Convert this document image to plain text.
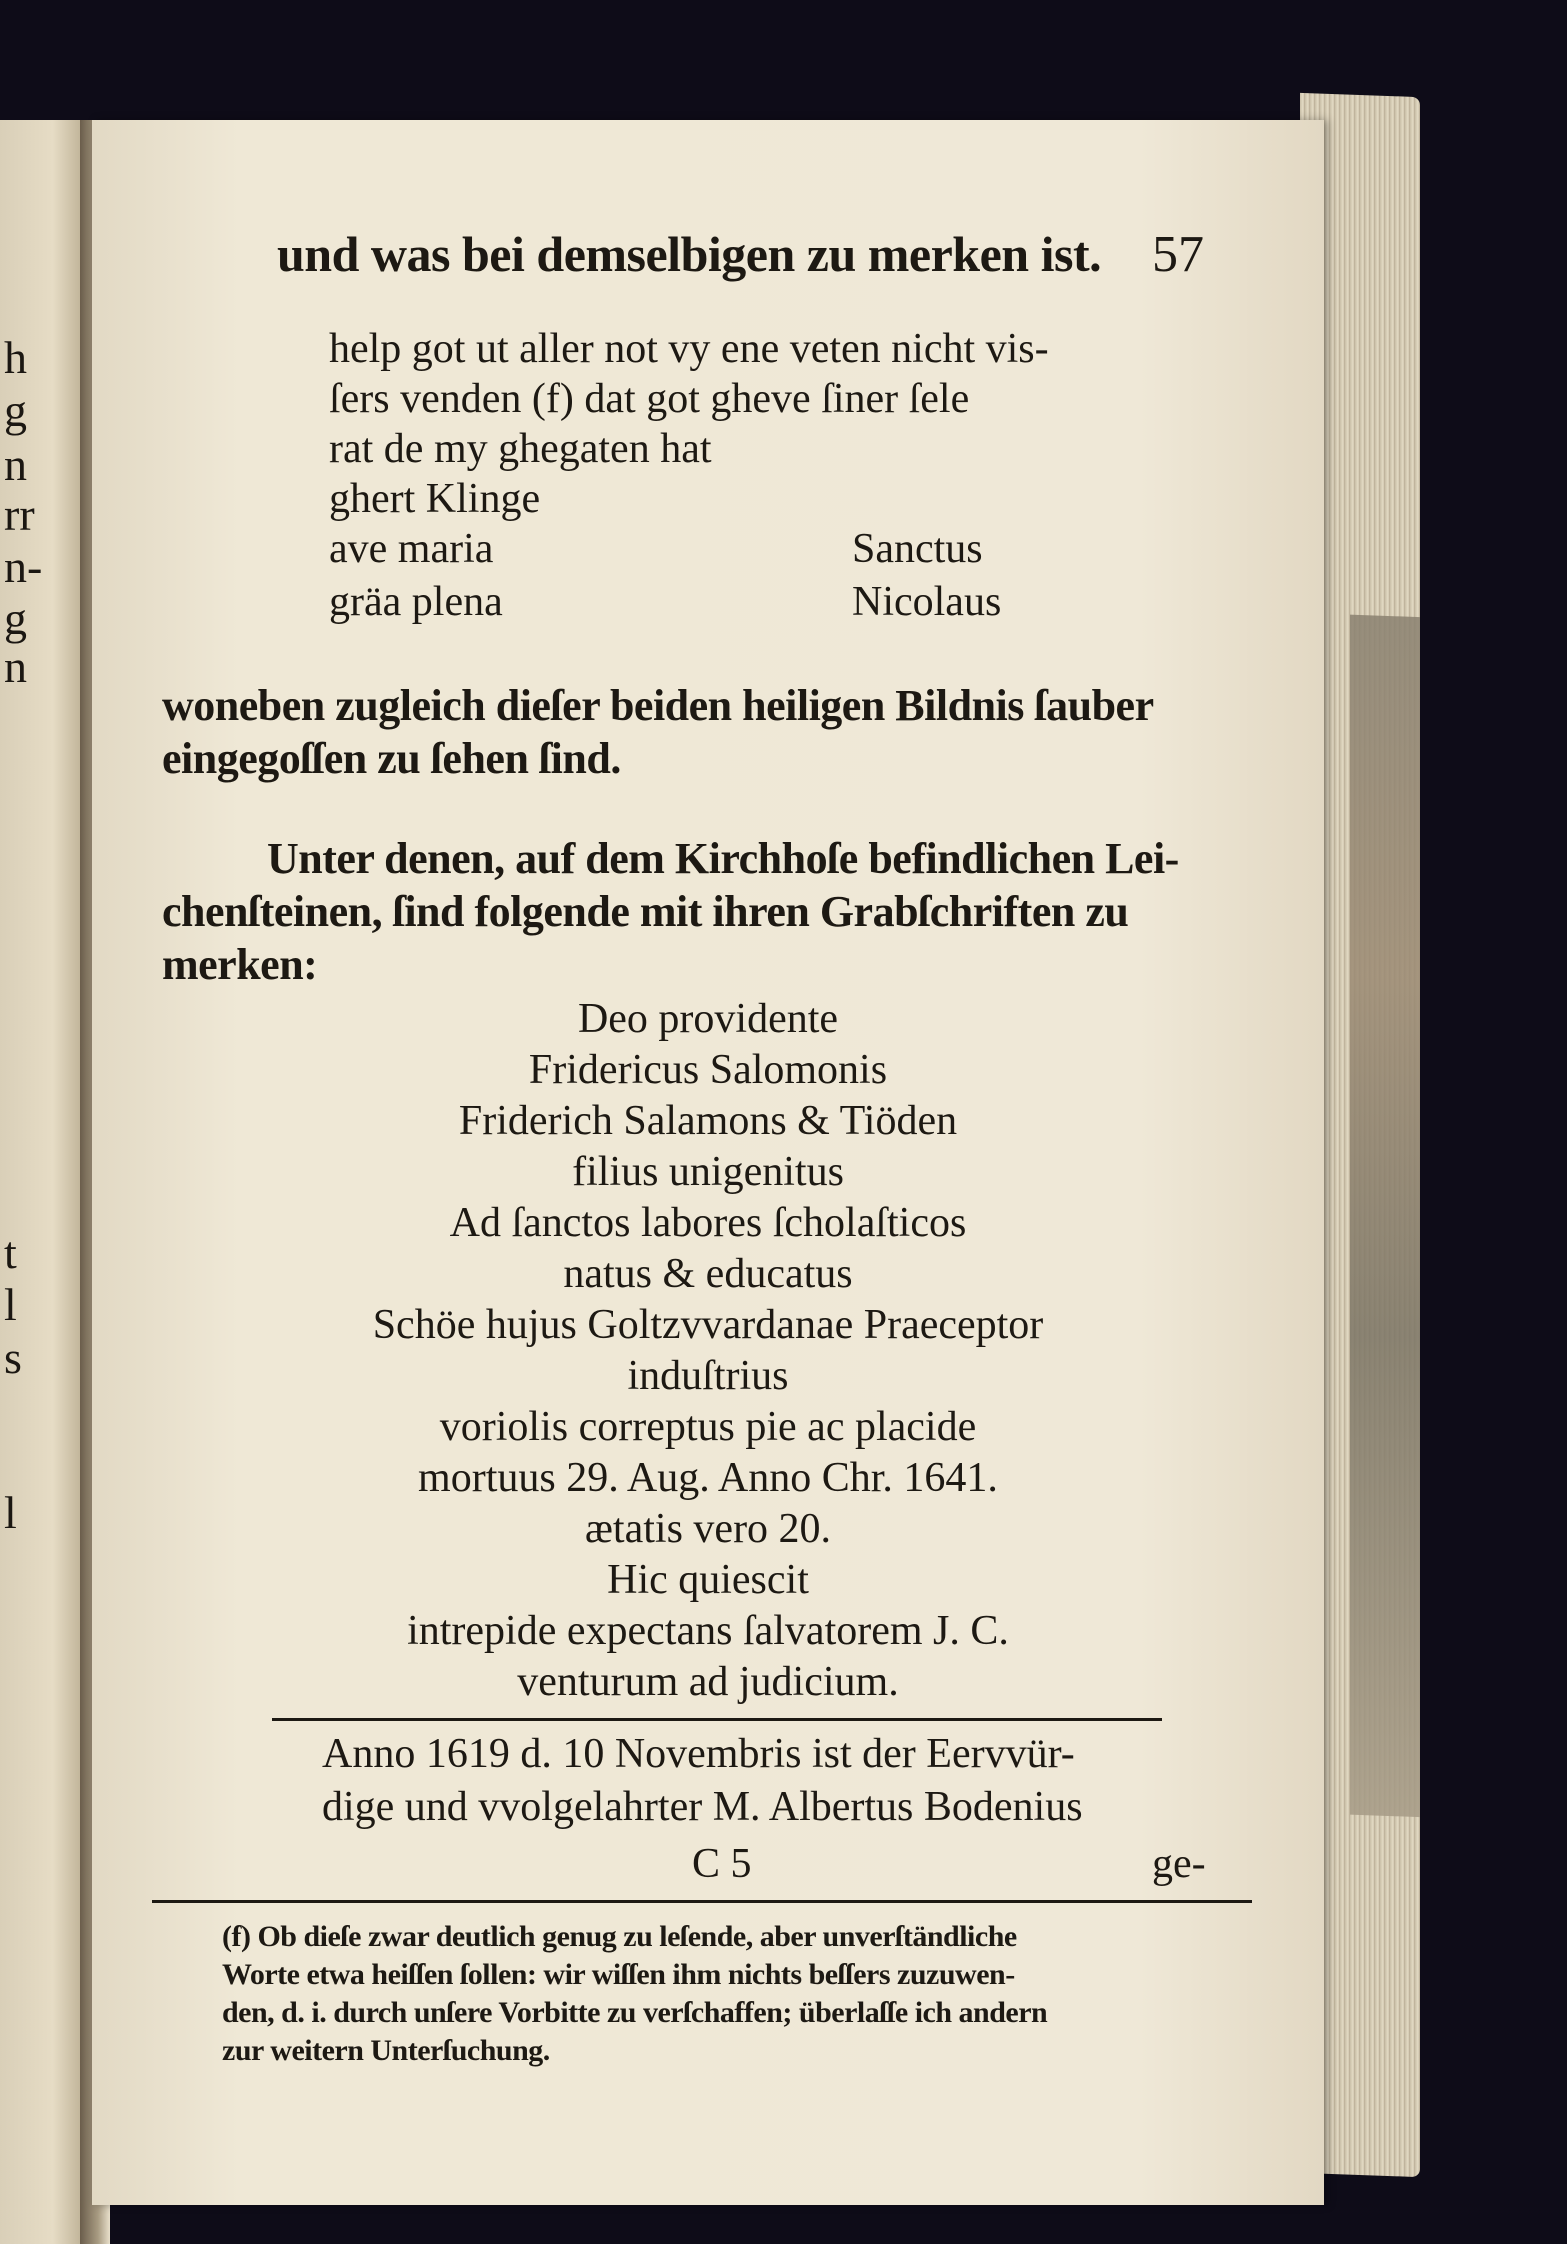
h
g
n
rr
n-
g
n
t
l
s
l
und was bei demselbigen zu merken ist. 57
help got ut aller not vy ene veten nicht vis-
ſers venden (f) dat got gheve ſiner ſele
rat de my ghegaten hat
ghert Klinge
ave maria	Sanctus
gräa plena	Nicolaus
woneben zugleich dieſer beiden heiligen Bildnis ſauber
eingegoſſen zu ſehen ſind.
Unter denen, auf dem Kirchhoſe befindlichen Lei-
chenſteinen, ſind folgende mit ihren Grabſchriften zu
merken:
Deo providente
Fridericus Salomonis
Friderich Salamons & Tiöden
filius unigenitus
Ad ſanctos labores ſcholaſticos
natus & educatus
Schöe hujus Goltzvvardanae Praeceptor
induſtrius
voriolis correptus pie ac placide
mortuus 29. Aug. Anno Chr. 1641.
ætatis vero 20.
Hic quiescit
intrepide expectans ſalvatorem J. C.
venturum ad judicium.
Anno 1619 d. 10 Novembris ist der Eervvür-
dige und vvolgelahrter M. Albertus Bodenius
C 5	ge-
(f) Ob dieſe zwar deutlich genug zu leſende, aber unverſtändliche
Worte etwa heiſſen ſollen: wir wiſſen ihm nichts beſſers zuzuwen-
den, d. i. durch unſere Vorbitte zu verſchaffen; überlaſſe ich andern
zur weitern Unterſuchung.
